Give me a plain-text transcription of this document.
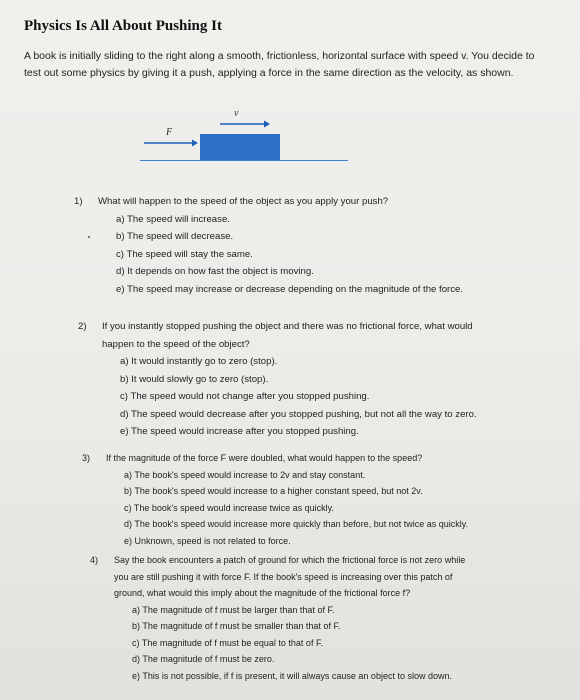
Physics Is All About Pushing It
A book is initially sliding to the right along a smooth, frictionless, horizontal surface with speed v. You decide to test out some physics by giving it a push, applying a force in the same direction as the velocity, as shown.
v
F
1) What will happen to the speed of the object as you apply your push?
a) The speed will increase.
b) The speed will decrease.
c) The speed will stay the same.
d) It depends on how fast the object is moving.
e) The speed may increase or decrease depending on the magnitude of the force.
2) If you instantly stopped pushing the object and there was no frictional force, what would
happen to the speed of the object?
a) It would instantly go to zero (stop).
b) It would slowly go to zero (stop).
c) The speed would not change after you stopped pushing.
d) The speed would decrease after you stopped pushing, but not all the way to zero.
e) The speed would increase after you stopped pushing.
3) If the magnitude of the force F were doubled, what would happen to the speed?
a) The book's speed would increase to 2v and stay constant.
b) The book's speed would increase to a higher constant speed, but not 2v.
c) The book's speed would increase twice as quickly.
d) The book's speed would increase more quickly than before, but not twice as quickly.
e) Unknown, speed is not related to force.
4) Say the book encounters a patch of ground for which the frictional force is not zero while
you are still pushing it with force F. If the book's speed is increasing over this patch of
ground, what would this imply about the magnitude of the frictional force f?
a) The magnitude of f must be larger than that of F.
b) The magnitude of f must be smaller than that of F.
c) The magnitude of f must be equal to that of F.
d) The magnitude of f must be zero.
e) This is not possible, if f is present, it will always cause an object to slow down.
